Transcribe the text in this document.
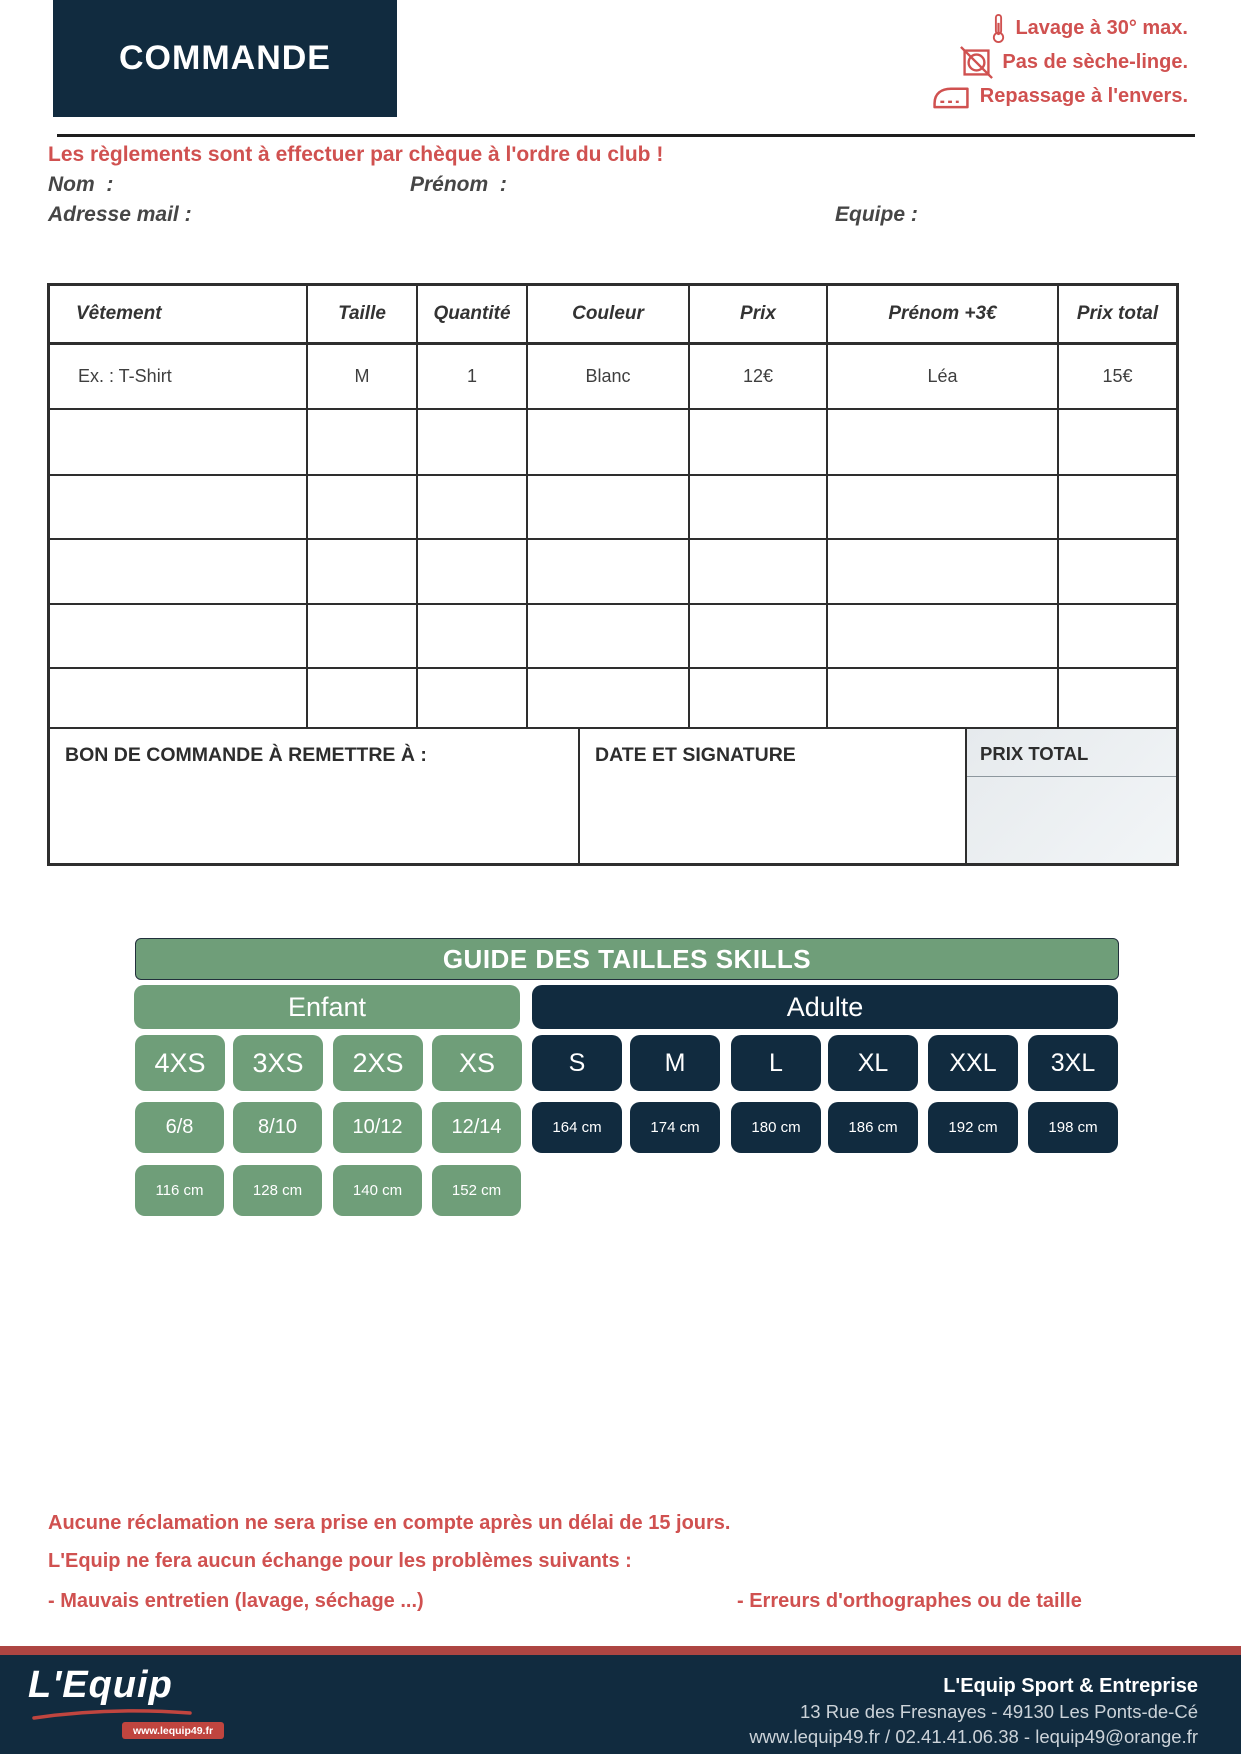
COMMANDE
Lavage à 30° max.
Pas de sèche-linge.
Repassage à l'envers.
Les règlements sont à effectuer par chèque à l'ordre du club !
Nom  :	Prénom  :
Adresse mail :	Equipe :
Vêtement	Taille	Quantité	Couleur	Prix	Prénom +3€	Prix total
Ex. : T-Shirt	M	1	Blanc	12€	Léa	15€
BON DE COMMANDE À REMETTRE À :	DATE ET SIGNATURE	PRIX TOTAL
GUIDE DES TAILLES SKILLS
Enfant	Adulte
4XS	3XS	2XS	XS	S	M	L	XL	XXL	3XL
6/8	8/10	10/12	12/14	164 cm	174 cm	180 cm	186 cm	192 cm	198 cm
116 cm	128 cm	140 cm	152 cm
Aucune réclamation ne sera prise en compte après un délai de 15 jours.
L'Equip ne fera aucun échange pour les problèmes suivants :
- Mauvais entretien (lavage, séchage ...)	- Erreurs d'orthographes ou de taille
L'Equip
www.lequip49.fr
L'Equip Sport & Entreprise
13 Rue des Fresnayes - 49130 Les Ponts-de-Cé
www.lequip49.fr / 02.41.41.06.38 - lequip49@orange.fr
